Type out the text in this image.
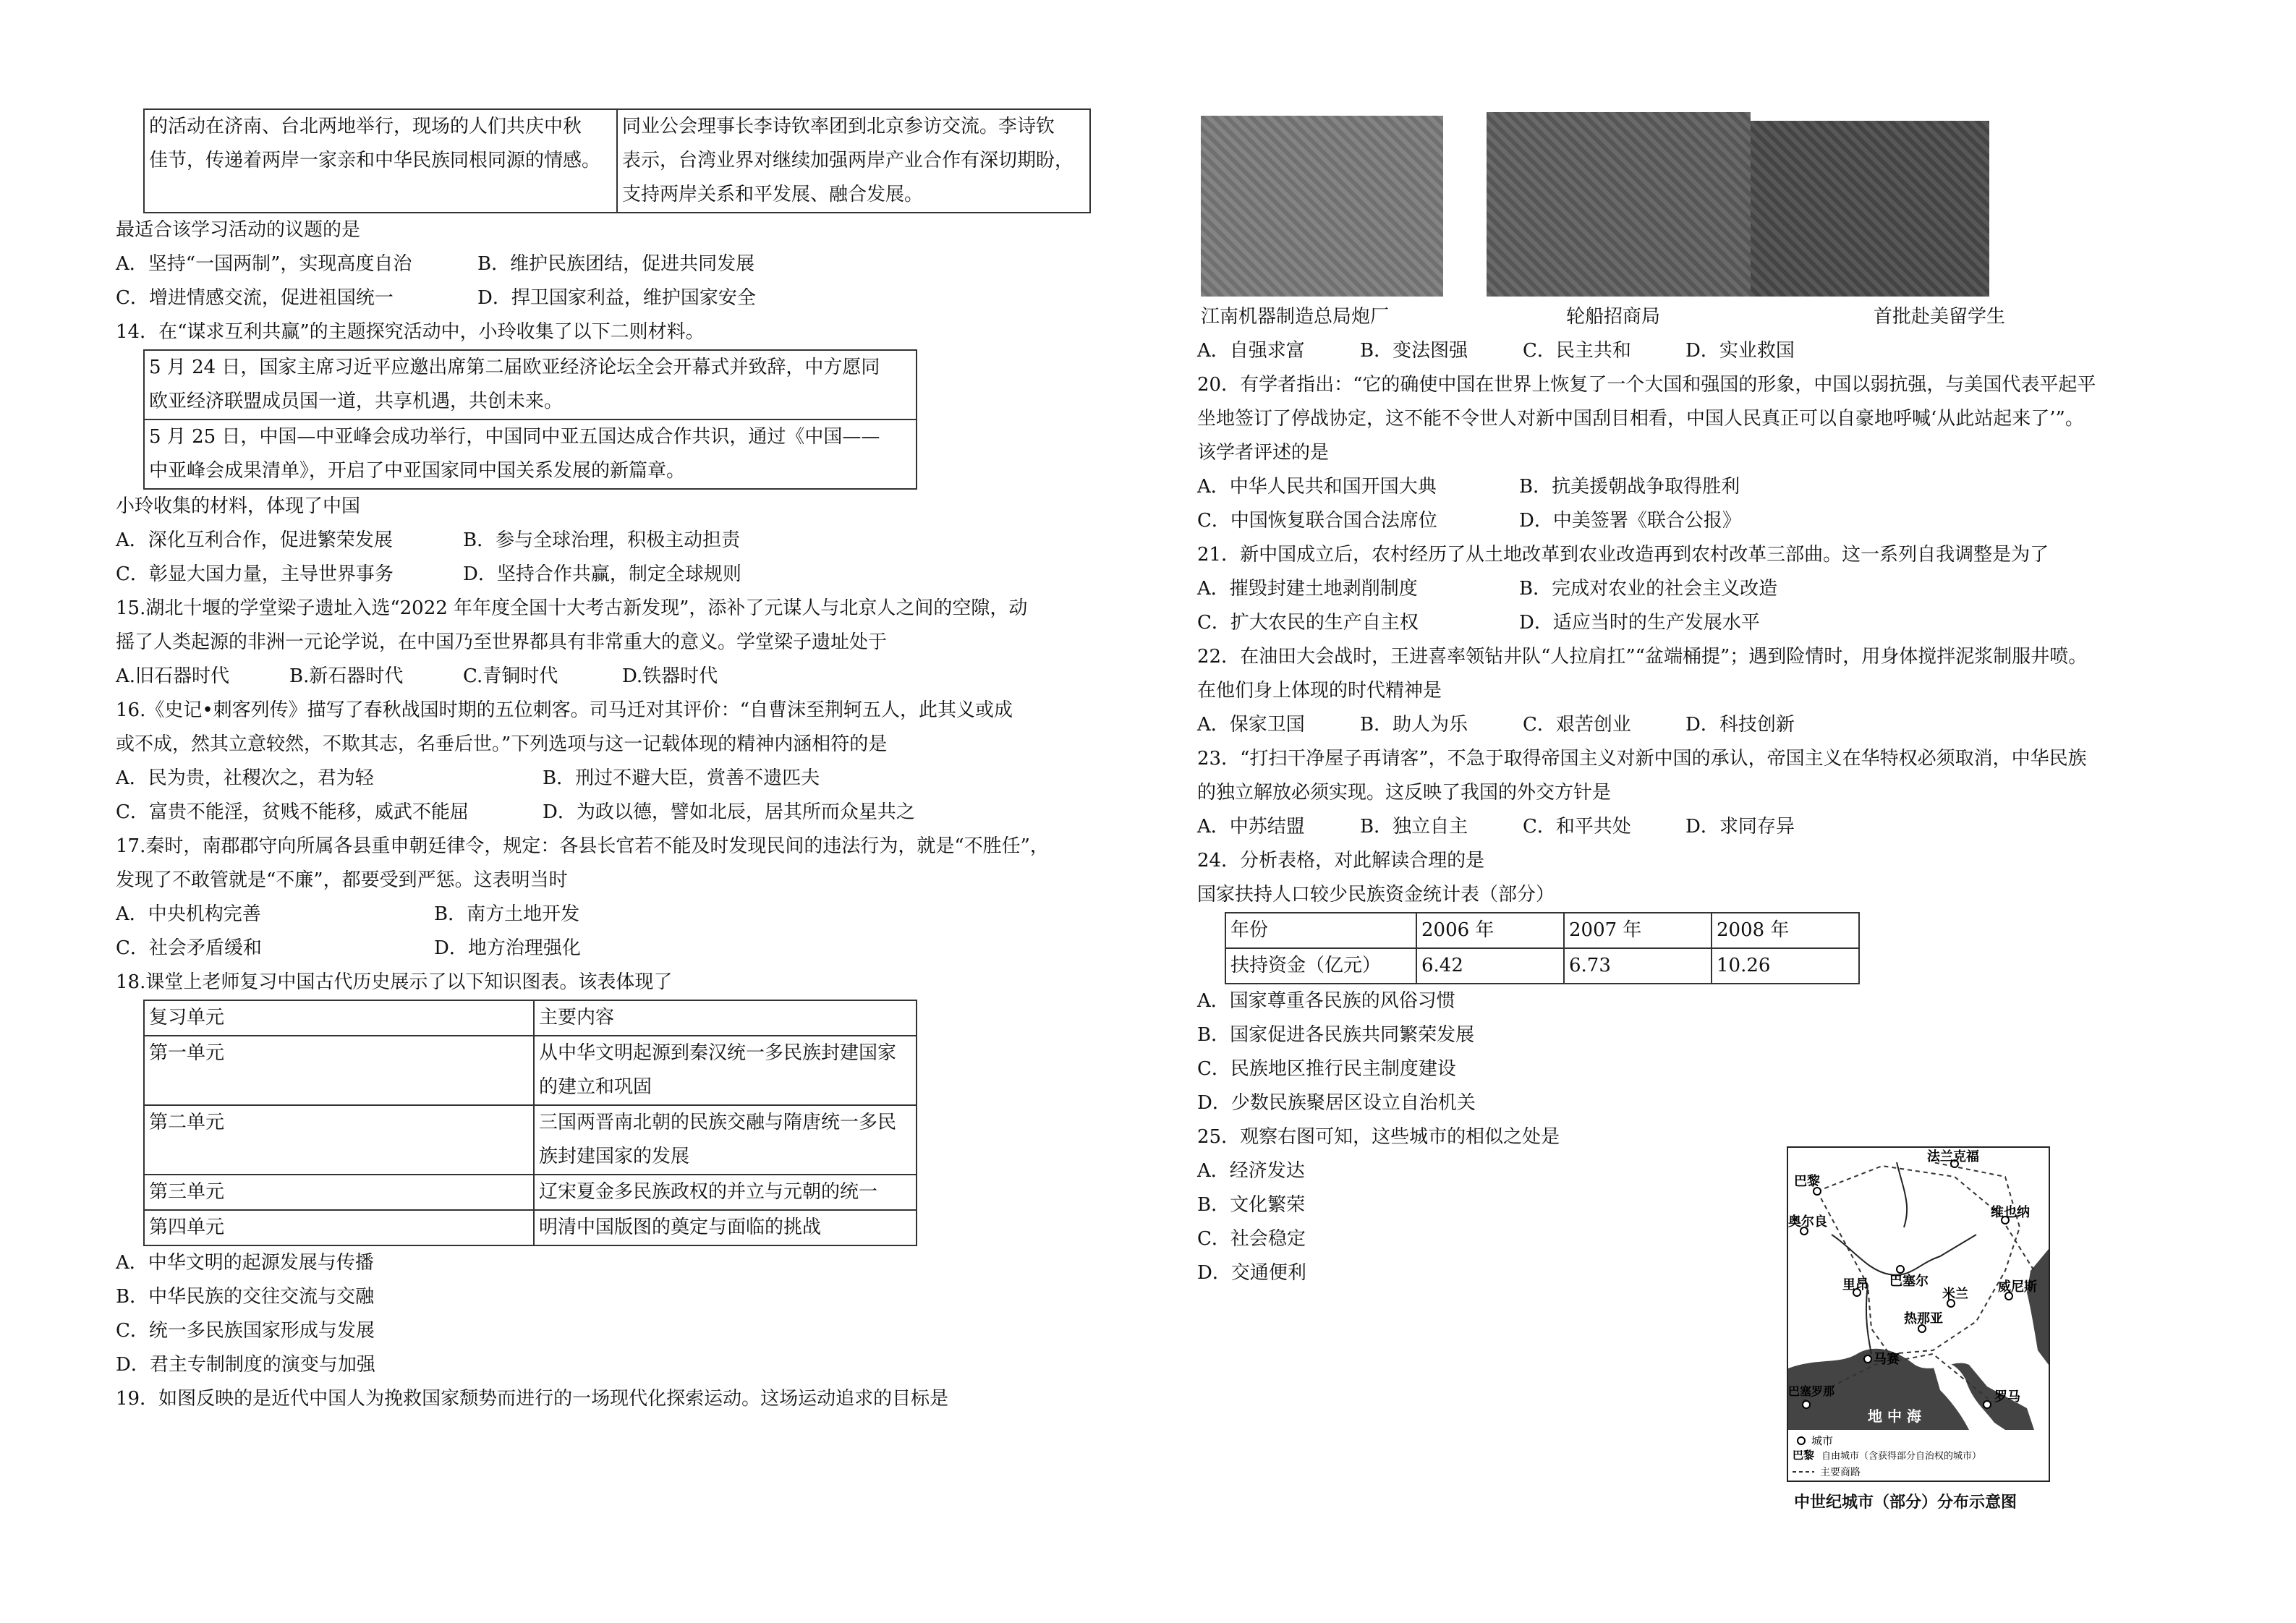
的活动在济南、台北两地举行，现场的人们共庆中秋
佳节，传递着两岸一家亲和中华民族同根同源的情感。

同业公会理事长李诗钦率团到北京参访交流。李诗钦
表示，台湾业界对继续加强两岸产业合作有深切期盼，
支持两岸关系和平发展、融合发展。
最适合该学习活动的议题的是
A．坚持“一国两制”，实现高度自治	B．维护民族团结，促进共同发展
C．增进情感交流，促进祖国统一	D．捍卫国家利益，维护国家安全
14．在“谋求互利共赢”的主题探究活动中，小玲收集了以下二则材料。
5 月 24 日，国家主席习近平应邀出席第二届欧亚经济论坛全会开幕式并致辞，中方愿同
欧亚经济联盟成员国一道，共享机遇，共创未来。

5 月 25 日，中国—中亚峰会成功举行，中国同中亚五国达成合作共识，通过《中国——
中亚峰会成果清单》，开启了中亚国家同中国关系发展的新篇章。
小玲收集的材料，体现了中国
A．深化互利合作，促进繁荣发展	B．参与全球治理，积极主动担责
C．彰显大国力量，主导世界事务	D．坚持合作共赢，制定全球规则
15.湖北十堰的学堂梁子遗址入选“2022 年年度全国十大考古新发现”，添补了元谋人与北京人之间的空隙，动
摇了人类起源的非洲一元论学说，在中国乃至世界都具有非常重大的意义。学堂梁子遗址处于
A.旧石器时代	B.新石器时代	C.青铜时代	D.铁器时代
16.《史记•刺客列传》描写了春秋战国时期的五位刺客。司马迁对其评价：“自曹沫至荆轲五人，此其义或成
或不成，然其立意较然，不欺其志，名垂后世。”下列选项与这一记载体现的精神内涵相符的是
A．民为贵，社稷次之，君为轻	B．刑过不避大臣，赏善不遗匹夫
C．富贵不能淫，贫贱不能移，威武不能屈	D．为政以德，譬如北辰，居其所而众星共之
17.秦时，南郡郡守向所属各县重申朝廷律令，规定：各县长官若不能及时发现民间的违法行为，就是“不胜任”，
发现了不敢管就是“不廉”，都要受到严惩。这表明当时
A．中央机构完善	B．南方土地开发
C．社会矛盾缓和	D．地方治理强化
18.课堂上老师复习中国古代历史展示了以下知识图表。该表体现了
复习单元	主要内容
第一单元	从中华文明起源到秦汉统一多民族封建国家的建立和巩固
第二单元	三国两晋南北朝的民族交融与隋唐统一多民族封建国家的发展
第三单元	辽宋夏金多民族政权的并立与元朝的统一
第四单元	明清中国版图的奠定与面临的挑战
A．中华文明的起源发展与传播
B．中华民族的交往交流与交融
C．统一多民族国家形成与发展
D．君主专制制度的演变与加强
19．如图反映的是近代中国人为挽救国家颓势而进行的一场现代化探索运动。这场运动追求的目标是
江南机器制造总局炮厂	轮船招商局	首批赴美留学生
A．自强求富	B．变法图强	C．民主共和	D．实业救国
20．有学者指出：“它的确使中国在世界上恢复了一个大国和强国的形象，中国以弱抗强，与美国代表平起平
坐地签订了停战协定，这不能不令世人对新中国刮目相看，中国人民真正可以自豪地呼喊‘从此站起来了’”。
该学者评述的是
A．中华人民共和国开国大典	B．抗美援朝战争取得胜利
C．中国恢复联合国合法席位	D．中美签署《联合公报》
21．新中国成立后，农村经历了从土地改革到农业改造再到农村改革三部曲。这一系列自我调整是为了
A．摧毁封建土地剥削制度	B．完成对农业的社会主义改造
C．扩大农民的生产自主权	D．适应当时的生产发展水平
22．在油田大会战时，王进喜率领钻井队“人拉肩扛”“盆端桶提”；遇到险情时，用身体搅拌泥浆制服井喷。
在他们身上体现的时代精神是
A．保家卫国	B．助人为乐	C．艰苦创业	D．科技创新
23．“打扫干净屋子再请客”，不急于取得帝国主义对新中国的承认，帝国主义在华特权必须取消，中华民族
的独立解放必须实现。这反映了我国的外交方针是
A．中苏结盟	B．独立自主	C．和平共处	D．求同存异
24．分析表格，对此解读合理的是
国家扶持人口较少民族资金统计表（部分）
年份	2006 年	2007 年	2008 年
扶持资金（亿元）	6.42	6.73	10.26
A．国家尊重各民族的风俗习惯
B．国家促进各民族共同繁荣发展
C．民族地区推行民主制度建设
D．少数民族聚居区设立自治机关
25．观察右图可知，这些城市的相似之处是
A．经济发达
B．文化繁荣
C．社会稳定
D．交通便利
法兰克福
巴黎
奥尔良
巴塞尔
维也纳
巴塞罗那
里昂
热那亚
米兰 威尼斯
马赛
罗马
地 中 海
城市
巴黎 自由城市（含获得部分自治权的城市）
主要商路
中世纪城市（部分）分布示意图
